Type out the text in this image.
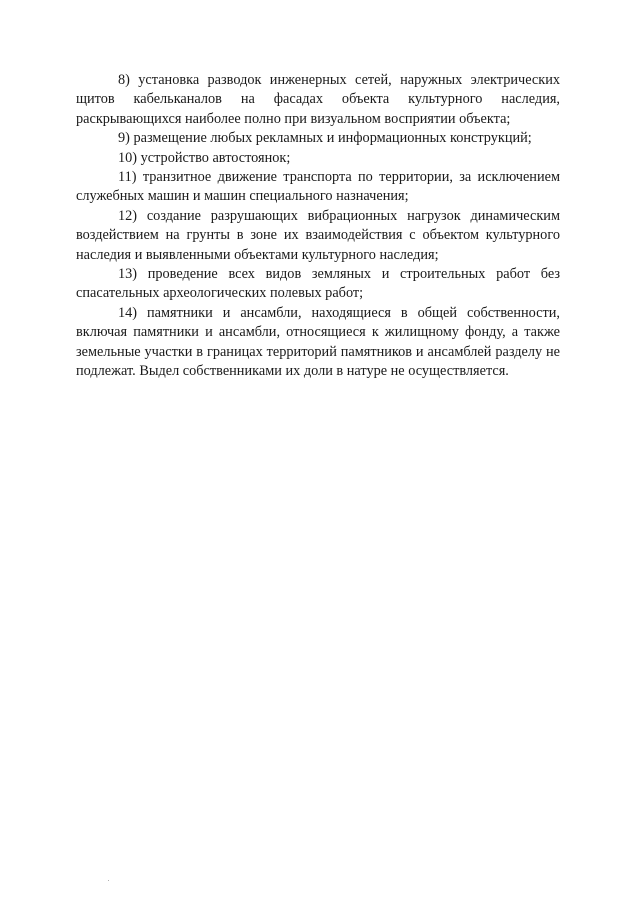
8) установка разводок инженерных сетей, наружных электрических щитов кабельканалов на фасадах объекта культурного наследия, раскрывающихся наиболее полно при визуальном восприятии объекта;

9) размещение любых рекламных и информационных конструкций;

10) устройство автостоянок;

11) транзитное движение транспорта по территории, за исключением служебных машин и машин специального назначения;

12) создание разрушающих вибрационных нагрузок динамическим воздействием на грунты в зоне их взаимодействия с объектом культурного наследия и выявленными объектами культурного наследия;

13) проведение всех видов земляных и строительных работ без спасательных археологических полевых работ;

14) памятники и ансамбли, находящиеся в общей собственности, включая памятники и ансамбли, относящиеся к жилищному фонду, а также земельные участки в границах территорий памятников и ансамблей разделу не подлежат. Выдел собственниками их доли в натуре не осуществляется.
